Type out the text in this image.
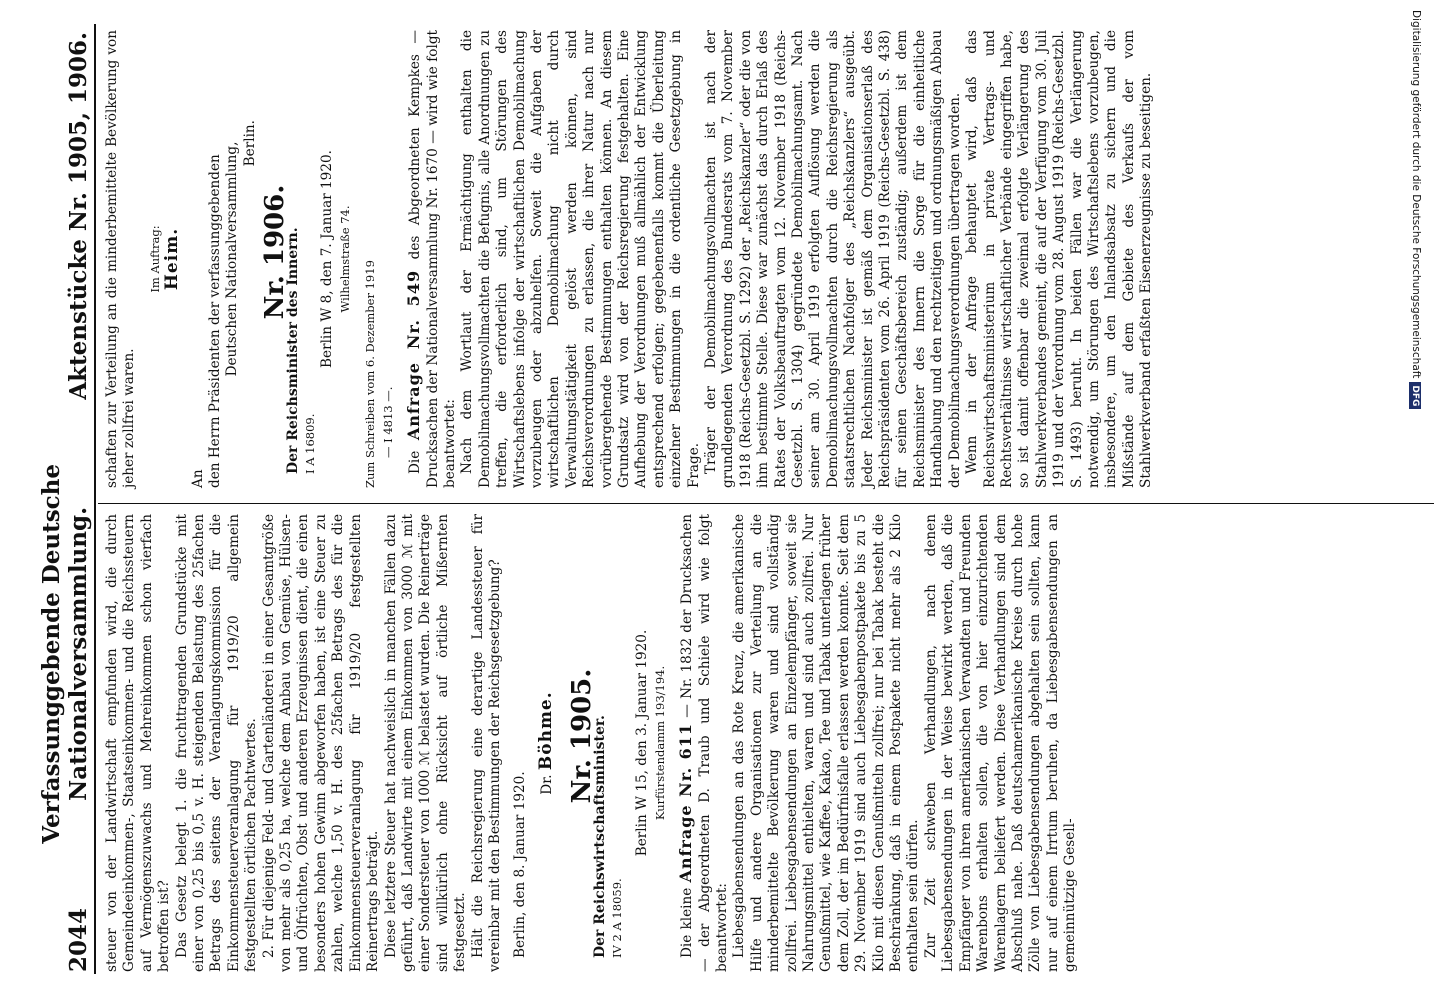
2044
Verfassunggebende Deutsche Nationalversammlung.
Aktenstücke Nr. 1905, 1906.

steuer von der Landwirtschaft empfunden wird, die durch Gemeindeeinkommen-, Staatseinkommen- und die Reichssteuern auf Vermögenszuwachs und Mehreinkommen schon vierfach betroffen ist? Das Gesetz belegt 1. die fruchttragenden Grundstücke mit einer von 0,25 bis 0,5 v. H. steigenden Belastung des 25fachen Betrags des seitens der Veranlagungskommission für die Einkommensteuerveranlagung für 1919/20 allgemein festgestellten örtlichen Pachtwertes. 2. Für diejenige Feld- und Gartenländerei in einer Gesamtgröße von mehr als 0,25 ha, welche dem Anbau von Gemüse, Hülsen- und Ölfrüchten, Obst und anderen Erzeugnissen dient, die einen besonders hohen Gewinn abgeworfen haben, ist eine Steuer zu zahlen, welche 1,50 v. H. des 25fachen Betrags des für die Einkommensteuerveranlagung für 1919/20 festgestellten Reinertrags beträgt. Diese letztere Steuer hat nachweislich in manchen Fällen dazu geführt, daß Landwirte mit einem Einkommen von 3000 ℳ mit einer Sondersteuer von 1000 ℳ belastet wurden. Die Reinerträge sind willkürlich ohne Rücksicht auf örtliche Mißernten festgesetzt. Hält die Reichsregierung eine derartige Landessteuer für vereinbar mit den Bestimmungen der Reichsgesetzgebung? Berlin, den 8. Januar 1920. Dr. Böhme. Nr. 1905.

Der Reichswirtschaftsminister. IV 2 A 18059.

Berlin W 15, den 3. Januar 1920. Kurfürstendamm 193/194.

Die kleine Anfrage Nr. 611 — Nr. 1832 der Drucksachen — der Abgeordneten D. Traub und Schiele wird wie folgt beantwortet: Liebesgabensendungen an das Rote Kreuz, die amerikanische Hilfe und andere Organisationen zur Verteilung an die minderbemittelte Bevölkerung waren und sind vollständig zollfrei. Liebesgabensendungen an Einzelempfänger, soweit sie Nahrungsmittel enthielten, waren und sind auch zollfrei. Nur Genußmittel, wie Kaffee, Kakao, Tee und Tabak unterlagen früher dem Zoll, der im Bedürfnisfalle erlassen werden konnte. Seit dem 29. November 1919 sind auch Liebesgabenpostpakete bis zu 5 Kilo mit diesen Genußmitteln zollfrei; nur bei Tabak besteht die Beschränkung, daß in einem Postpakete nicht mehr als 2 Kilo enthalten sein dürfen. Zur Zeit schweben Verhandlungen, nach denen Liebesgabensendungen in der Weise bewirkt werden, daß die Empfänger von ihren amerikanischen Verwandten und Freunden Warenbons erhalten sollen, die von hier einzurichtenden Warenlagern beliefert werden. Diese Verhandlungen sind dem Abschluß nahe. Daß deutschamerikanische Kreise durch hohe Zölle von Liebesgabensendungen abgehalten sein sollten, kann nur auf einem Irrtum beruhen, da Liebesgabensendungen an gemeinnützige Gesell-

schaften zur Verteilung an die minderbemittelte Bevölkerung von jeher zollfrei waren.

Im Auftrag: Heim.

An den Herrn Präsidenten der verfassunggebenden Deutschen Nationalversammlung, Berlin.

Nr. 1906.

Der Reichsminister des Innern. I A 16809.

Berlin W 8, den 7. Januar 1920. Wilhelmstraße 74.

Zum Schreiben vom 6. Dezember 1919 — I 4813 —.

Die Anfrage Nr. 549 des Abgeordneten Kempkes — Drucksachen der Nationalversammlung Nr. 1670 — wird wie folgt beantwortet: Nach dem Wortlaut der Ermächtigung enthalten die Demobilmachungsvollmachten die Befugnis, alle Anordnungen zu treffen, die erforderlich sind, um Störungen des Wirtschaftslebens infolge der wirtschaftlichen Demobilmachung vorzubeugen oder abzuhelfen. Soweit die Aufgaben der wirtschaftlichen Demobilmachung nicht durch Verwaltungstätigkeit gelöst werden können, sind Reichsverordnungen zu erlassen, die ihrer Natur nach nur vorübergehende Bestimmungen enthalten können. An diesem Grundsatz wird von der Reichsregierung festgehalten. Eine Aufhebung der Verordnungen muß allmählich der Entwicklung entsprechend erfolgen; gegebenenfalls kommt die Überleitung einzelner Bestimmungen in die ordentliche Gesetzgebung in Frage. Träger der Demobilmachungsvollmachten ist nach der grundlegenden Verordnung des Bundesrats vom 7. November 1918 (Reichs-Gesetzbl. S. 1292) der „Reichskanzler“ oder die von ihm bestimmte Stelle. Diese war zunächst das durch Erlaß des Rates der Volksbeauftragten vom 12. November 1918 (Reichs-Gesetzbl. S. 1304) gegründete Demobilmachungsamt. Nach seiner am 30. April 1919 erfolgten Auflösung werden die Demobilmachungsvollmachten durch die Reichsregierung als staatsrechtlichen Nachfolger des „Reichskanzlers“ ausgeübt. Jeder Reichsminister ist gemäß dem Organisationserlaß des Reichspräsidenten vom 26. April 1919 (Reichs-Gesetzbl. S. 438) für seinen Geschäftsbereich zuständig; außerdem ist dem Reichsminister des Innern die Sorge für die einheitliche Handhabung und den rechtzeitigen und ordnungsmäßigen Abbau der Demobilmachungsverordnungen übertragen worden. Wenn in der Anfrage behauptet wird, daß das Reichswirtschaftsministerium in private Vertrags- und Rechtsverhältnisse wirtschaftlicher Verbände eingegriffen habe, so ist damit offenbar die zweimal erfolgte Verlängerung des Stahlwerkverbandes gemeint, die auf der Verfügung vom 30. Juli 1919 und der Verordnung vom 28. August 1919 (Reichs-Gesetzbl. S. 1493) beruht. In beiden Fällen war die Verlängerung notwendig, um Störungen des Wirtschaftslebens vorzubeugen, insbesondere, um den Inlandsabsatz zu sichern und die Mißstände auf dem Gebiete des Verkaufs der vom Stahlwerkverband erfaßten Eisenerzeugnisse zu beseitigen.	Digitalisierung gefördert durch die Deutsche ForschungsgemeinschaftDFG
